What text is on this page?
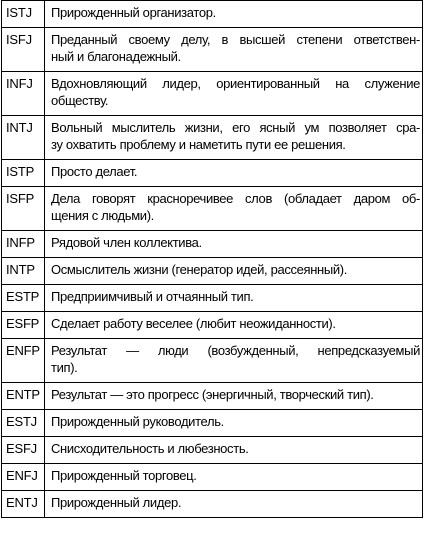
ISTJ	Прирожденный организатор.

ISFJ	Преданный своему делу, в высшей степени ответствен-
ный и благонадежный.

INFJ	Вдохновляющий лидер, ориентированный на служение
обществу.

INTJ	Вольный мыслитель жизни, его ясный ум позволяет сра-
зу охватить проблему и наметить пути ее решения.

ISTP	Просто делает.

ISFP	Дела говорят красноречивее слов (обладает даром об-
щения с людьми).

INFP	Рядовой член коллектива.

INTP	Осмыслитель жизни (генератор идей, рассеянный).

ESTP	Предприимчивый и отчаянный тип.

ESFP	Сделает работу веселее (любит неожиданности).

ENFP	Результат — люди (возбужденный, непредсказуемый
тип).

ENTP	Результат — это прогресс (энергичный, творческий тип).

ESTJ	Прирожденный руководитель.

ESFJ	Снисходительность и любезность.

ENFJ	Прирожденный торговец.

ENTJ	Прирожденный лидер.
